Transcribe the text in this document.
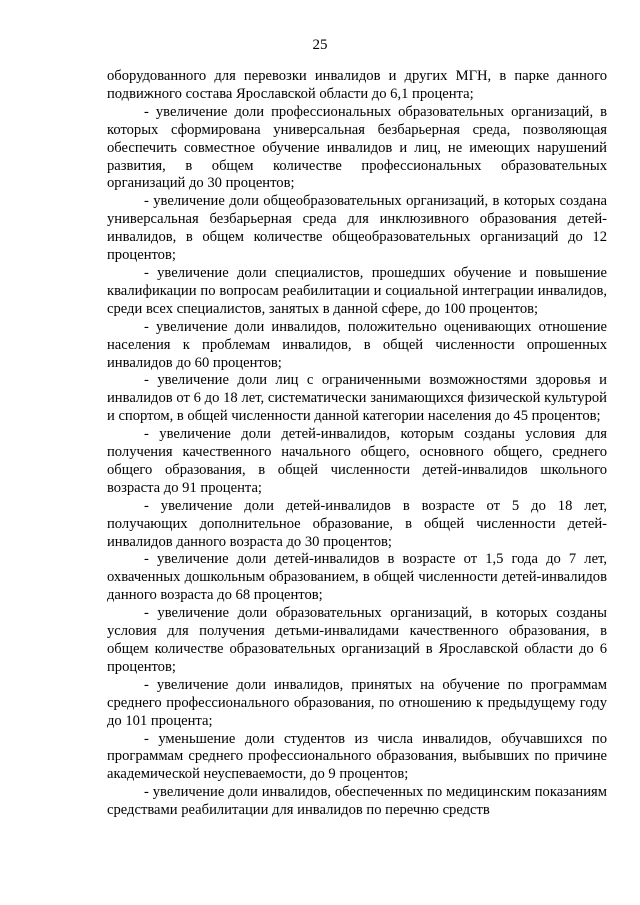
25

оборудованного для перевозки инвалидов и других МГН, в парке данного подвижного состава Ярославской области до 6,1 процента;

- увеличение доли профессиональных образовательных организаций, в которых сформирована универсальная безбарьерная среда, позволяющая обеспечить совместное обучение инвалидов и лиц, не имеющих нарушений развития, в общем количестве профессиональных образовательных организаций до 30 процентов;

- увеличение доли общеобразовательных организаций, в которых создана универсальная безбарьерная среда для инклюзивного образования детей-инвалидов, в общем количестве общеобразовательных организаций до 12 процентов;

- увеличение доли специалистов, прошедших обучение и повышение квалификации по вопросам реабилитации и социальной интеграции инвалидов, среди всех специалистов, занятых в данной сфере, до 100 процентов;

- увеличение доли инвалидов, положительно оценивающих отношение населения к проблемам инвалидов, в общей численности опрошенных инвалидов до 60 процентов;

- увеличение доли лиц с ограниченными возможностями здоровья и инвалидов от 6 до 18 лет, систематически занимающихся физической культурой и спортом, в общей численности данной категории населения до 45 процентов;

- увеличение доли детей-инвалидов, которым созданы условия для получения качественного начального общего, основного общего, среднего общего образования, в общей численности детей-инвалидов школьного возраста до 91 процента;

- увеличение доли детей-инвалидов в возрасте от 5 до 18 лет, получающих дополнительное образование, в общей численности детей-инвалидов данного возраста до 30 процентов;

- увеличение доли детей-инвалидов в возрасте от 1,5 года до 7 лет, охваченных дошкольным образованием, в общей численности детей-инвалидов данного возраста до 68 процентов;

- увеличение доли образовательных организаций, в которых созданы условия для получения детьми-инвалидами качественного образования, в общем количестве образовательных организаций в Ярославской области до 6 процентов;

- увеличение доли инвалидов, принятых на обучение по программам среднего профессионального образования, по отношению к предыдущему году до 101 процента;

- уменьшение доли студентов из числа инвалидов, обучавшихся по программам среднего профессионального образования, выбывших по причине академической неуспеваемости, до 9 процентов;

- увеличение доли инвалидов, обеспеченных по медицинским показаниям средствами реабилитации для инвалидов по перечню средств
